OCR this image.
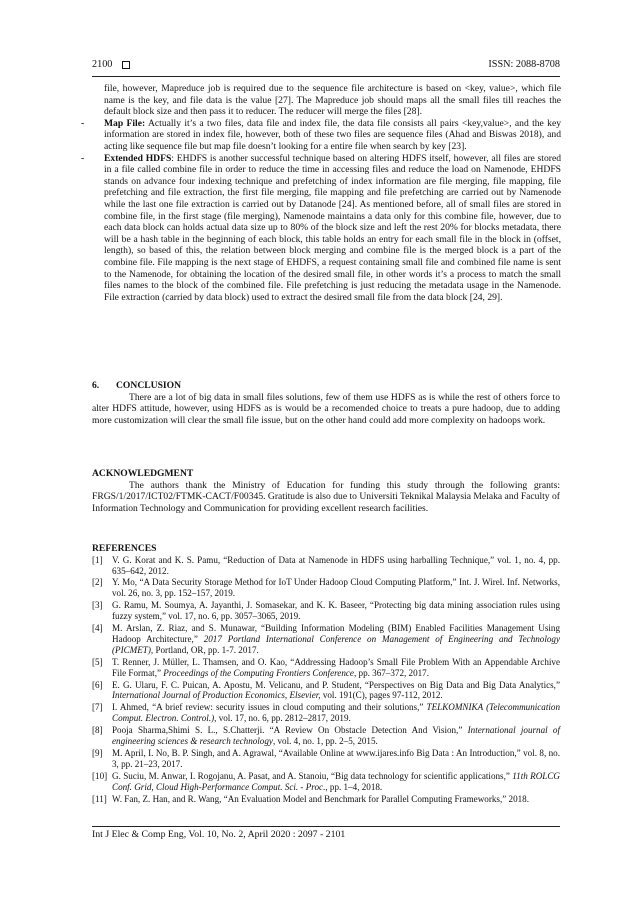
2100	ISSN: 2088-8708
file, however, Mapreduce job is required due to the sequence file architecture is based on <key, value>, which file name is the key, and file data is the value [27]. The Mapreduce job should maps all the small files till reaches the default block size and then pass it to reducer. The reducer will merge the files [28].
- Map File: Actually it’s a two files, data file and index file, the data file consists all pairs <key,value>, and the key information are stored in index file, however, both of these two files are sequence files (Ahad and Biswas 2018), and acting like sequence file but map file doesn’t looking for a entire file when search by key [23].
- Extended HDFS: EHDFS is another successful technique based on altering HDFS itself, however, all files are stored in a file called combine file in order to reduce the time in accessing files and reduce the load on Namenode, EHDFS stands on advance four indexing technique and prefetching of index information are file merging, file mapping, file prefetching and file extraction, the first file merging, file mapping and file prefetching are carried out by Namenode while the last one file extraction is carried out by Datanode [24]. As mentioned before, all of small files are stored in combine file, in the first stage (file merging), Namenode maintains a data only for this combine file, however, due to each data block can holds actual data size up to 80% of the block size and left the rest 20% for blocks metadata, there will be a hash table in the beginning of each block, this table holds an entry for each small file in the block in (offset, length), so based of this, the relation between block merging and combine file is the merged block is a part of the combine file. File mapping is the next stage of EHDFS, a request containing small file and combined file name is sent to the Namenode, for obtaining the location of the desired small file, in other words it’s a process to match the small files names to the block of the combined file. File prefetching is just reducing the metadata usage in the Namenode. File extraction (carried by data block) used to extract the desired small file from the data block [24, 29].
6. CONCLUSION
There are a lot of big data in small files solutions, few of them use HDFS as is while the rest of others force to alter HDFS attitude, however, using HDFS as is would be a recomended choice to treats a pure hadoop, due to adding more customization will clear the small file issue, but on the other hand could add more complexity on hadoops work.
ACKNOWLEDGMENT
The authors thank the Ministry of Education for funding this study through the following grants: FRGS/1/2017/ICT02/FTMK-CACT/F00345. Gratitude is also due to Universiti Teknikal Malaysia Melaka and Faculty of Information Technology and Communication for providing excellent research facilities.
REFERENCES
[1] V. G. Korat and K. S. Pamu, “Reduction of Data at Namenode in HDFS using harballing Technique,” vol. 1, no. 4, pp. 635–642, 2012.
[2] Y. Mo, “A Data Security Storage Method for IoT Under Hadoop Cloud Computing Platform,” Int. J. Wirel. Inf. Networks, vol. 26, no. 3, pp. 152–157, 2019.
[3] G. Ramu, M. Soumya, A. Jayanthi, J. Somasekar, and K. K. Baseer, “Protecting big data mining association rules using fuzzy system,” vol. 17, no. 6, pp. 3057–3065, 2019.
[4] M. Arslan, Z. Riaz, and S. Munawar, “Building Information Modeling (BIM) Enabled Facilities Management Using Hadoop Architecture,” 2017 Portland International Conference on Management of Engineering and Technology (PICMET), Portland, OR, pp. 1-7. 2017.
[5] T. Renner, J. Müller, L. Thamsen, and O. Kao, “Addressing Hadoop’s Small File Problem With an Appendable Archive File Format,” Proceedings of the Computing Frontiers Conference, pp. 367–372, 2017.
[6] E. G. Ularu, F. C. Puican, A. Apostu, M. Velicanu, and P. Student, “Perspectives on Big Data and Big Data Analytics,” International Journal of Production Economics, Elsevier, vol. 191(C), pages 97-112, 2012.
[7] I. Ahmed, “A brief review: security issues in cloud computing and their solutions,” TELKOMNIKA (Telecommunication Comput. Electron. Control.), vol. 17, no. 6, pp. 2812–2817, 2019.
[8] Pooja Sharma,Shimi S. L., S.Chatterji. “A Review On Obstacle Detection And Vision,” International journal of engineering sciences & research technology, vol. 4, no. 1, pp. 2–5, 2015.
[9] M. April, I. No, B. P. Singh, and A. Agrawal, “Available Online at www.ijares.info Big Data : An Introduction,” vol. 8, no. 3, pp. 21–23, 2017.
[10] G. Suciu, M. Anwar, I. Rogojanu, A. Pasat, and A. Stanoiu, “Big data technology for scientific applications,” 11th ROLCG Conf. Grid, Cloud High-Performance Comput. Sci. - Proc., pp. 1–4, 2018.
[11] W. Fan, Z. Han, and R. Wang, “An Evaluation Model and Benchmark for Parallel Computing Frameworks,” 2018.
Int J Elec & Comp Eng, Vol. 10, No. 2, April 2020 : 2097 - 2101
